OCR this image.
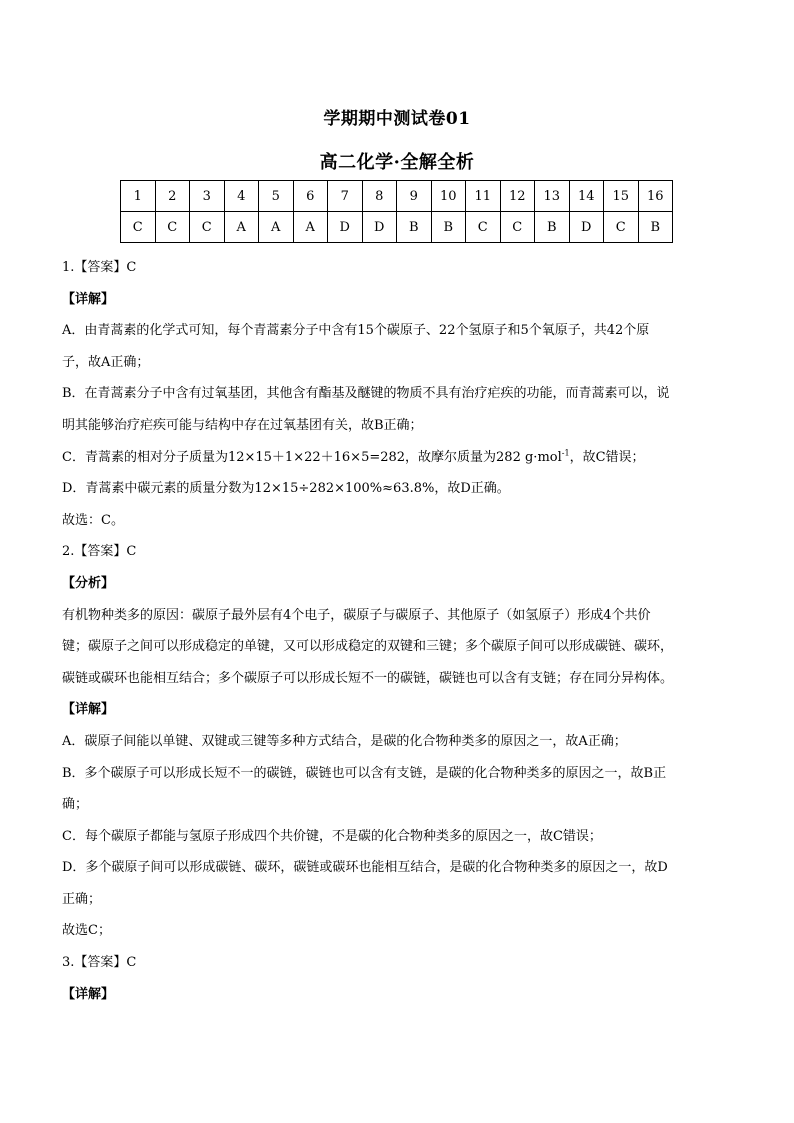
学期期中测试卷01
高二化学·全解全析
1	2	3	4	5	6	7	8	9	10	11	12	13	14	15	16
C	C	C	A	A	A	D	D	B	B	C	C	B	D	C	B

1.【答案】C

【详解】

A．由青蒿素的化学式可知，每个青蒿素分子中含有15个碳原子、22个氢原子和5个氧原子，共42个原

子，故A正确；

B．在青蒿素分子中含有过氧基团，其他含有酯基及醚键的物质不具有治疗疟疾的功能，而青蒿素可以，说

明其能够治疗疟疾可能与结构中存在过氧基团有关，故B正确；

C．青蒿素的相对分子质量为12×15＋1×22＋16×5=282，故摩尔质量为282 g·mol$^{-1}$，故C错误；

D．青蒿素中碳元素的质量分数为12×15÷282×100%≈63.8%，故D正确。

故选：C。

2.【答案】C

【分析】

有机物种类多的原因：碳原子最外层有4个电子，碳原子与碳原子、其他原子（如氢原子）形成4个共价

键；碳原子之间可以形成稳定的单键，又可以形成稳定的双键和三键；多个碳原子间可以形成碳链、碳环，

碳链或碳环也能相互结合；多个碳原子可以形成长短不一的碳链，碳链也可以含有支链；存在同分异构体。

【详解】

A．碳原子间能以单键、双键或三键等多种方式结合，是碳的化合物种类多的原因之一，故A正确；

B．多个碳原子可以形成长短不一的碳链，碳链也可以含有支链，是碳的化合物种类多的原因之一，故B正

确；

C．每个碳原子都能与氢原子形成四个共价键，不是碳的化合物种类多的原因之一，故C错误；

D．多个碳原子间可以形成碳链、碳环，碳链或碳环也能相互结合，是碳的化合物种类多的原因之一，故D

正确；

故选C；

3.【答案】C

【详解】
